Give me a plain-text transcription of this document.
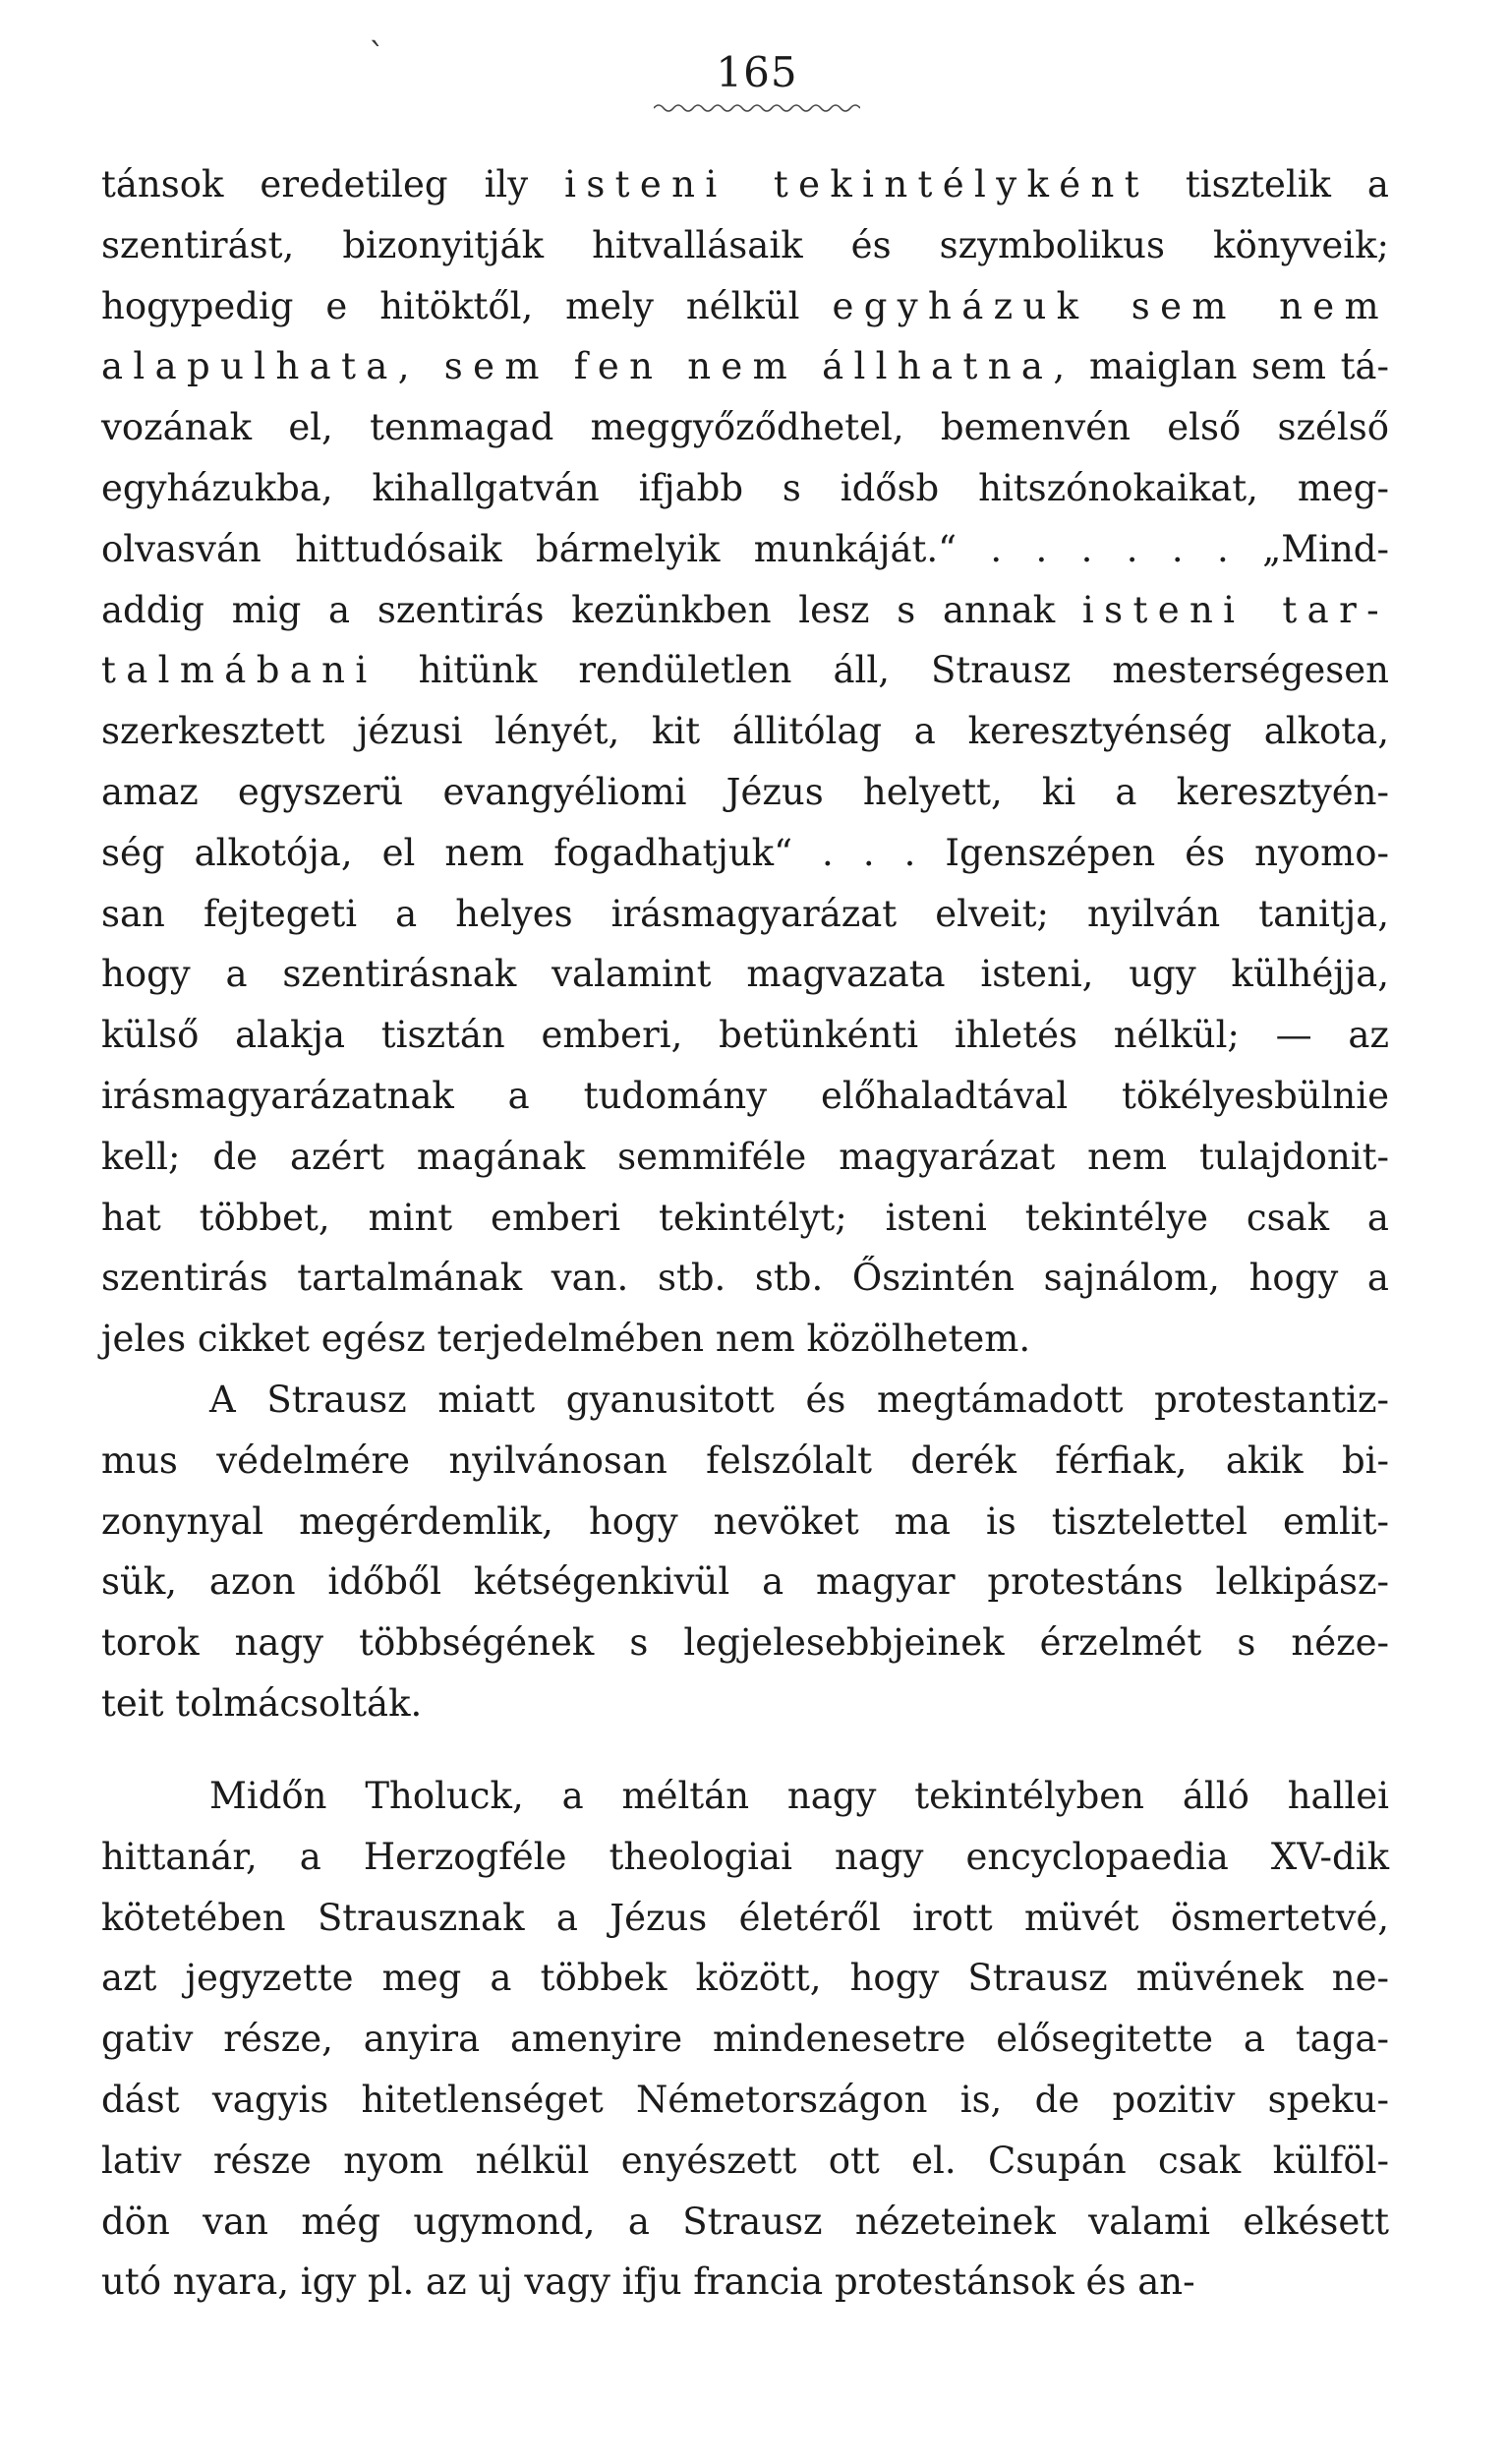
`	165
tánsok eredetileg ily isteni tekintélyként tisztelik a
szentirást, bizonyitják hitvallásaik és szymbolikus könyveik;
hogypedig e hitöktől, mely nélkül egyházuk sem nem
alapulhata, sem fen nem állhatna, maiglan sem tá-
vozának el, tenmagad meggyőződhetel, bemenvén első szélső
egyházukba, kihallgatván ifjabb s idősb hitszónokaikat, meg-
olvasván hittudósaik bármelyik munkáját.“ . . . . . . „Mind-
addig mig a szentirás kezünkben lesz s annak isteni tar-
talmábani hitünk rendületlen áll, Strausz mesterségesen
szerkesztett jézusi lényét, kit állitólag a keresztyénség alkota,
amaz egyszerü evangyéliomi Jézus helyett, ki a keresztyén-
ség alkotója, el nem fogadhatjuk“ . . . Igenszépen és nyomo-
san fejtegeti a helyes irásmagyarázat elveit; nyilván tanitja,
hogy a szentirásnak valamint magvazata isteni, ugy külhéjja,
külső alakja tisztán emberi, betünkénti ihletés nélkül; — az
irásmagyarázatnak a tudomány előhaladtával tökélyesbülnie
kell; de azért magának semmiféle magyarázat nem tulajdonit-
hat többet, mint emberi tekintélyt; isteni tekintélye csak a
szentirás tartalmának van. stb. stb. Őszintén sajnálom, hogy a
jeles cikket egész terjedelmében nem közölhetem.
A Strausz miatt gyanusitott és megtámadott protestantiz-
mus védelmére nyilvánosan felszólalt derék férfiak, akik bi-
zonynyal megérdemlik, hogy nevöket ma is tisztelettel emlit-
sük, azon időből kétségenkivül a magyar protestáns lelkipász-
torok nagy többségének s legjelesebbjeinek érzelmét s néze-
teit tolmácsolták.
Midőn Tholuck, a méltán nagy tekintélyben álló hallei
hittanár, a Herzogféle theologiai nagy encyclopaedia XV-dik
kötetében Strausznak a Jézus életéről irott müvét ösmertetvé,
azt jegyzette meg a többek között, hogy Strausz müvének ne-
gativ része, anyira amenyire mindenesetre elősegitette a taga-
dást vagyis hitetlenséget Németországon is, de pozitiv speku-
lativ része nyom nélkül enyészett ott el. Csupán csak külföl-
dön van még ugymond, a Strausz nézeteinek valami elkésett
utó nyara, igy pl. az uj vagy ifju francia protestánsok és an-
